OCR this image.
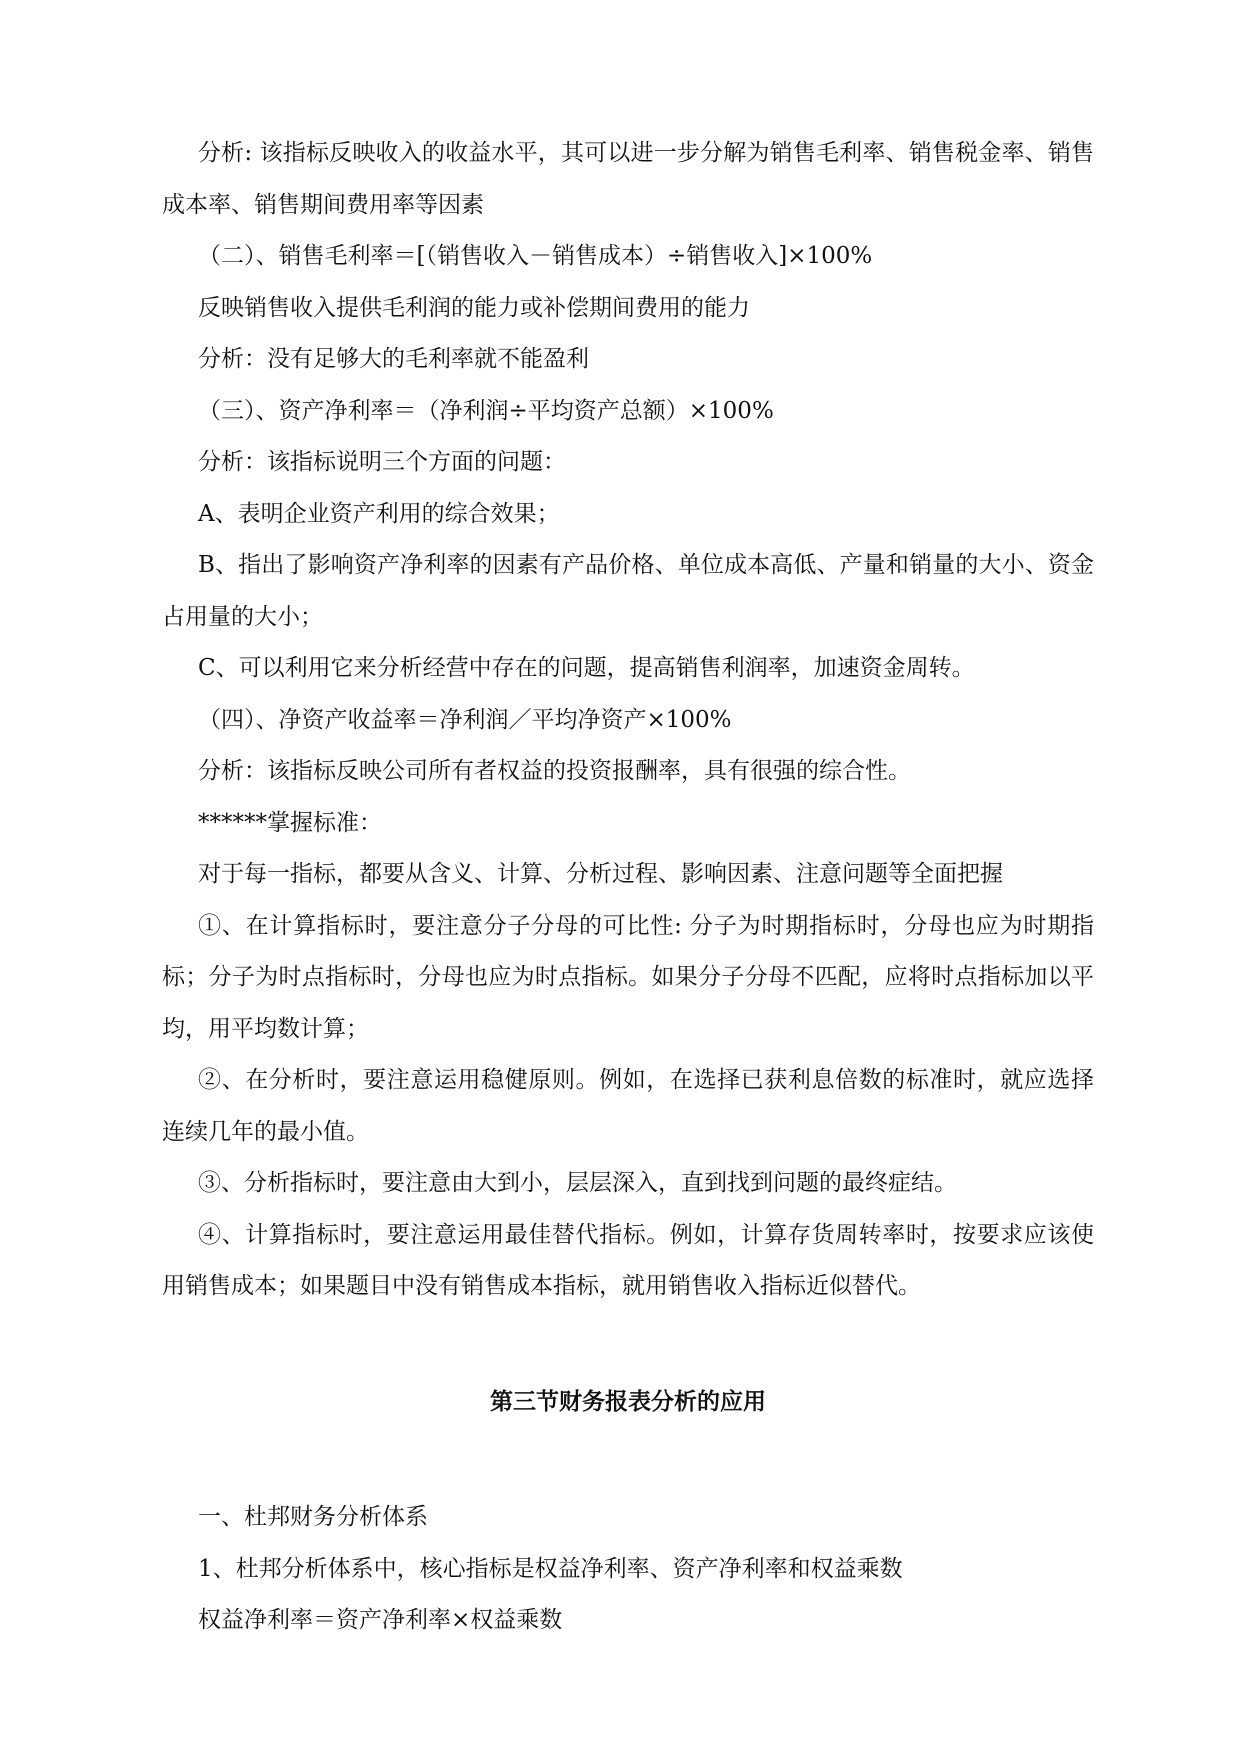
分析: 该指标反映收入的收益水平，其可以进一步分解为销售毛利率、销售税金率、销售成本率、销售期间费用率等因素

（二）、销售毛利率＝[（销售收入－销售成本）÷销售收入]×100%

反映销售收入提供毛利润的能力或补偿期间费用的能力

分析：没有足够大的毛利率就不能盈利

（三）、资产净利率＝（净利润÷平均资产总额）×100%

分析：该指标说明三个方面的问题：

A、表明企业资产利用的综合效果；

B、指出了影响资产净利率的因素有产品价格、单位成本高低、产量和销量的大小、资金占用量的大小；

C、可以利用它来分析经营中存在的问题，提高销售利润率，加速资金周转。

（四）、净资产收益率＝净利润／平均净资产×100%

分析：该指标反映公司所有者权益的投资报酬率，具有很强的综合性。

******掌握标准：

对于每一指标，都要从含义、计算、分析过程、影响因素、注意问题等全面把握

①、在计算指标时，要注意分子分母的可比性: 分子为时期指标时，分母也应为时期指标；分子为时点指标时，分母也应为时点指标。如果分子分母不匹配，应将时点指标加以平均，用平均数计算；

②、在分析时，要注意运用稳健原则。例如，在选择已获利息倍数的标准时，就应选择连续几年的最小值。

③、分析指标时，要注意由大到小，层层深入，直到找到问题的最终症结。

④、计算指标时，要注意运用最佳替代指标。例如，计算存货周转率时，按要求应该使用销售成本；如果题目中没有销售成本指标，就用销售收入指标近似替代。

第三节财务报表分析的应用

一、杜邦财务分析体系

1、杜邦分析体系中，核心指标是权益净利率、资产净利率和权益乘数

权益净利率＝资产净利率×权益乘数
